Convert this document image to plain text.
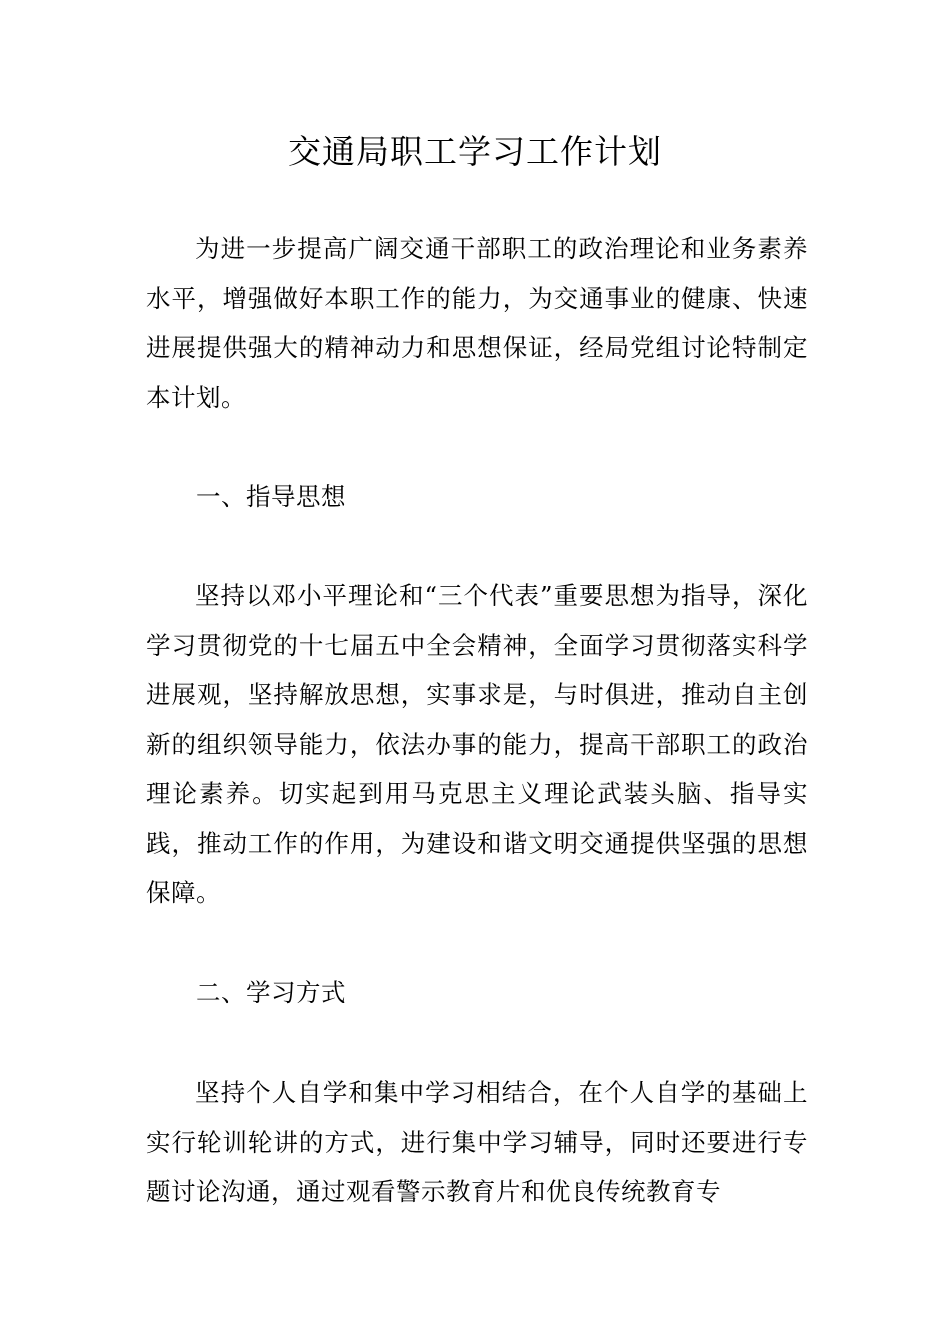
交通局职工学习工作计划

为进一步提高广阔交通干部职工的政治理论和业务素养水平，增强做好本职工作的能力，为交通事业的健康、快速进展提供强大的精神动力和思想保证，经局党组讨论特制定本计划。

一、指导思想

坚持以邓小平理论和“三个代表”重要思想为指导，深化学习贯彻党的十七届五中全会精神，全面学习贯彻落实科学进展观，坚持解放思想，实事求是，与时俱进，推动自主创新的组织领导能力，依法办事的能力，提高干部职工的政治理论素养。切实起到用马克思主义理论武装头脑、指导实践，推动工作的作用，为建设和谐文明交通提供坚强的思想保障。

二、学习方式

坚持个人自学和集中学习相结合，在个人自学的基础上实行轮训轮讲的方式，进行集中学习辅导，同时还要进行专题讨论沟通，通过观看警示教育片和优良传统教育专
